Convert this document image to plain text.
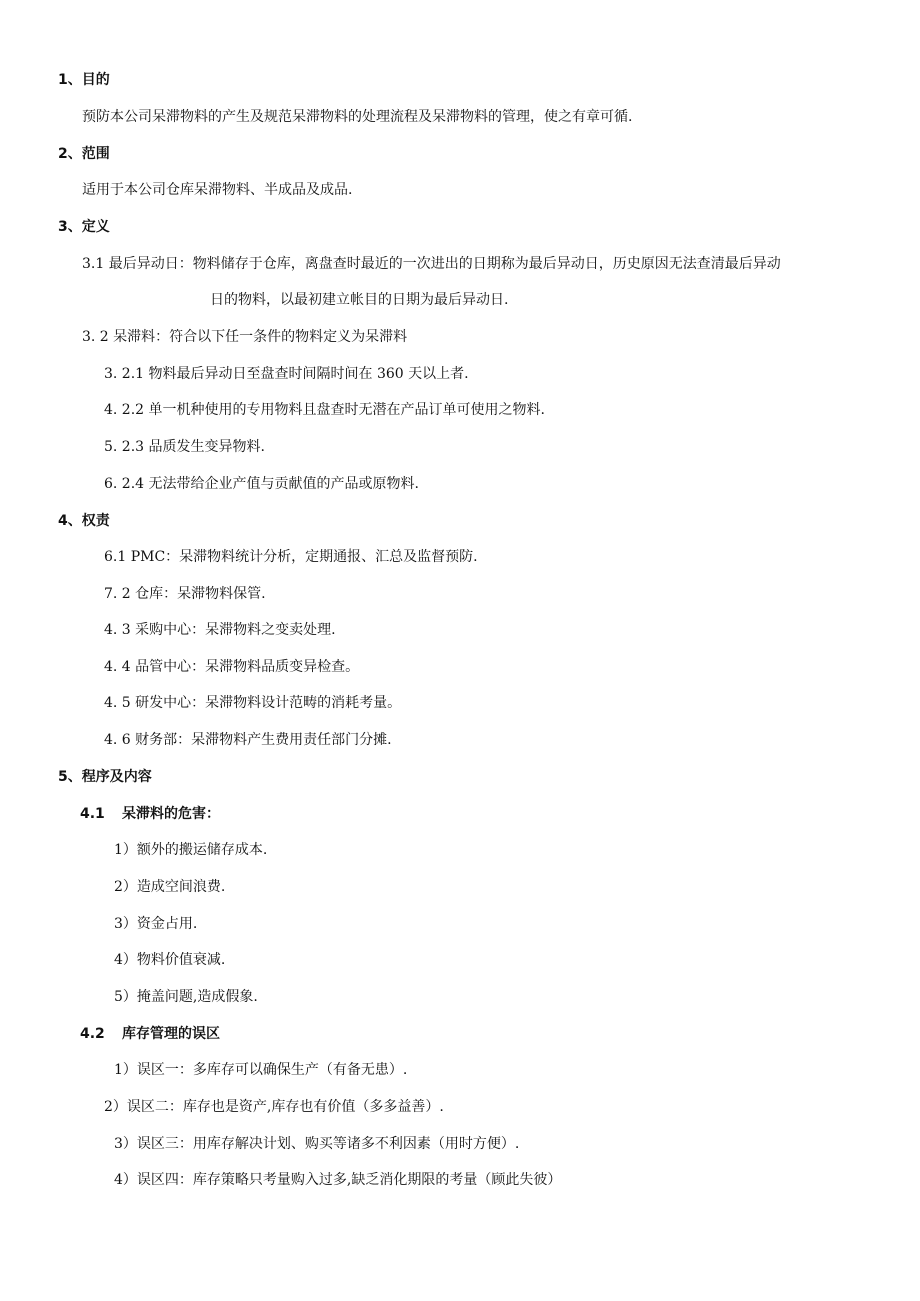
1、目的
预防本公司呆滞物料的产生及规范呆滞物料的处理流程及呆滞物料的管理，使之有章可循.
2、范围
适用于本公司仓库呆滞物料、半成品及成品.
3、定义
3.1 最后异动日：物料储存于仓库，离盘查时最近的一次进出的日期称为最后异动日，历史原因无法查清最后异动
日的物料，以最初建立帐目的日期为最后异动日.
3. 2 呆滞料：符合以下任一条件的物料定义为呆滞料
3. 2.1 物料最后异动日至盘查时间隔时间在 360 天以上者.
4. 2.2 单一机种使用的专用物料且盘查时无潜在产品订单可使用之物料.
5. 2.3 品质发生变异物料.
6. 2.4 无法带给企业产值与贡献值的产品或原物料.
4、权责
6.1 PMC：呆滞物料统计分析，定期通报、汇总及监督预防.
7. 2 仓库：呆滞物料保管.
4. 3 采购中心：呆滞物料之变卖处理.
4. 4 品管中心：呆滞物料品质变异检查。
4. 5 研发中心：呆滞物料设计范畴的消耗考量。
4. 6 财务部：呆滞物料产生费用责任部门分摊.
5、程序及内容
4.1 呆滞料的危害：
1）额外的搬运储存成本.
2）造成空间浪费.
3）资金占用.
4）物料价值衰减.
5）掩盖问题,造成假象.
4.2 库存管理的误区
1）误区一：多库存可以确保生产（有备无患）.
2）误区二：库存也是资产,库存也有价值（多多益善）.
3）误区三：用库存解决计划、购买等诸多不利因素（用时方便）.
4）误区四：库存策略只考量购入过多,缺乏消化期限的考量（顾此失彼）
